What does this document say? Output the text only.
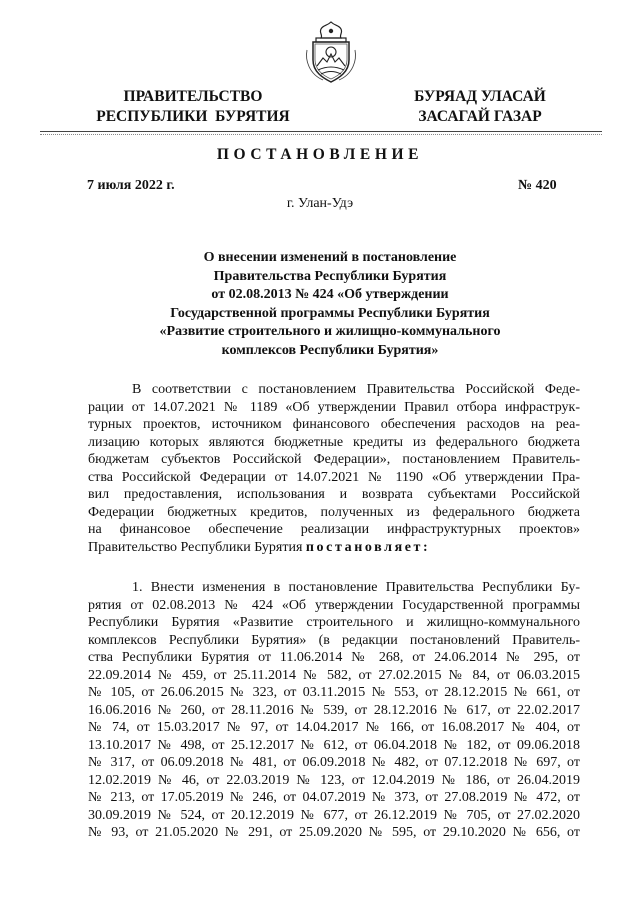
ПРАВИТЕЛЬСТВО
РЕСПУБЛИКИ  БУРЯТИЯ
БУРЯАД УЛАСАЙ
ЗАСАГАЙ ГАЗАР
ПОСТАНОВЛЕНИЕ
7 июля 2022 г.	№ 420
г. Улан-Удэ
О внесении изменений в постановление
Правительства Республики Бурятия
от 02.08.2013 № 424 «Об утверждении
Государственной программы Республики Бурятия
«Развитие строительного и жилищно-коммунального
комплексов Республики Бурятия»
В соответствии с постановлением Правительства Российской Феде-
рации от 14.07.2021 № 1189 «Об утверждении Правил отбора инфраструк-
турных проектов, источником финансового обеспечения расходов на реа-
лизацию которых являются бюджетные кредиты из федерального бюджета
бюджетам субъектов Российской Федерации», постановлением Правитель-
ства Российской Федерации от 14.07.2021 № 1190 «Об утверждении Пра-
вил предоставления, использования и возврата субъектами Российской
Федерации бюджетных кредитов, полученных из федерального бюджета
на финансовое обеспечение реализации инфраструктурных проектов»
Правительство Республики Бурятия постановляет:
1. Внести изменения в постановление Правительства Республики Бу-
рятия от 02.08.2013 № 424 «Об утверждении Государственной программы
Республики Бурятия «Развитие строительного и жилищно-коммунального
комплексов Республики Бурятия» (в редакции постановлений Правитель-
ства Республики Бурятия от 11.06.2014 № 268, от 24.06.2014 № 295, от
22.09.2014 № 459, от 25.11.2014 № 582, от 27.02.2015 № 84, от 06.03.2015
№ 105, от 26.06.2015 № 323, от 03.11.2015 № 553, от 28.12.2015 № 661, от
16.06.2016 № 260, от 28.11.2016 № 539, от 28.12.2016 № 617, от 22.02.2017
№ 74, от 15.03.2017 № 97, от 14.04.2017 № 166, от 16.08.2017 № 404, от
13.10.2017 № 498, от 25.12.2017 № 612, от 06.04.2018 № 182, от 09.06.2018
№ 317, от 06.09.2018 № 481, от 06.09.2018 № 482, от 07.12.2018 № 697, от
12.02.2019 № 46, от 22.03.2019 № 123, от 12.04.2019 № 186, от 26.04.2019
№ 213, от 17.05.2019 № 246, от 04.07.2019 № 373, от 27.08.2019 № 472, от
30.09.2019 № 524, от 20.12.2019 № 677, от 26.12.2019 № 705, от 27.02.2020
№ 93, от 21.05.2020 № 291, от 25.09.2020 № 595, от 29.10.2020 № 656, от
